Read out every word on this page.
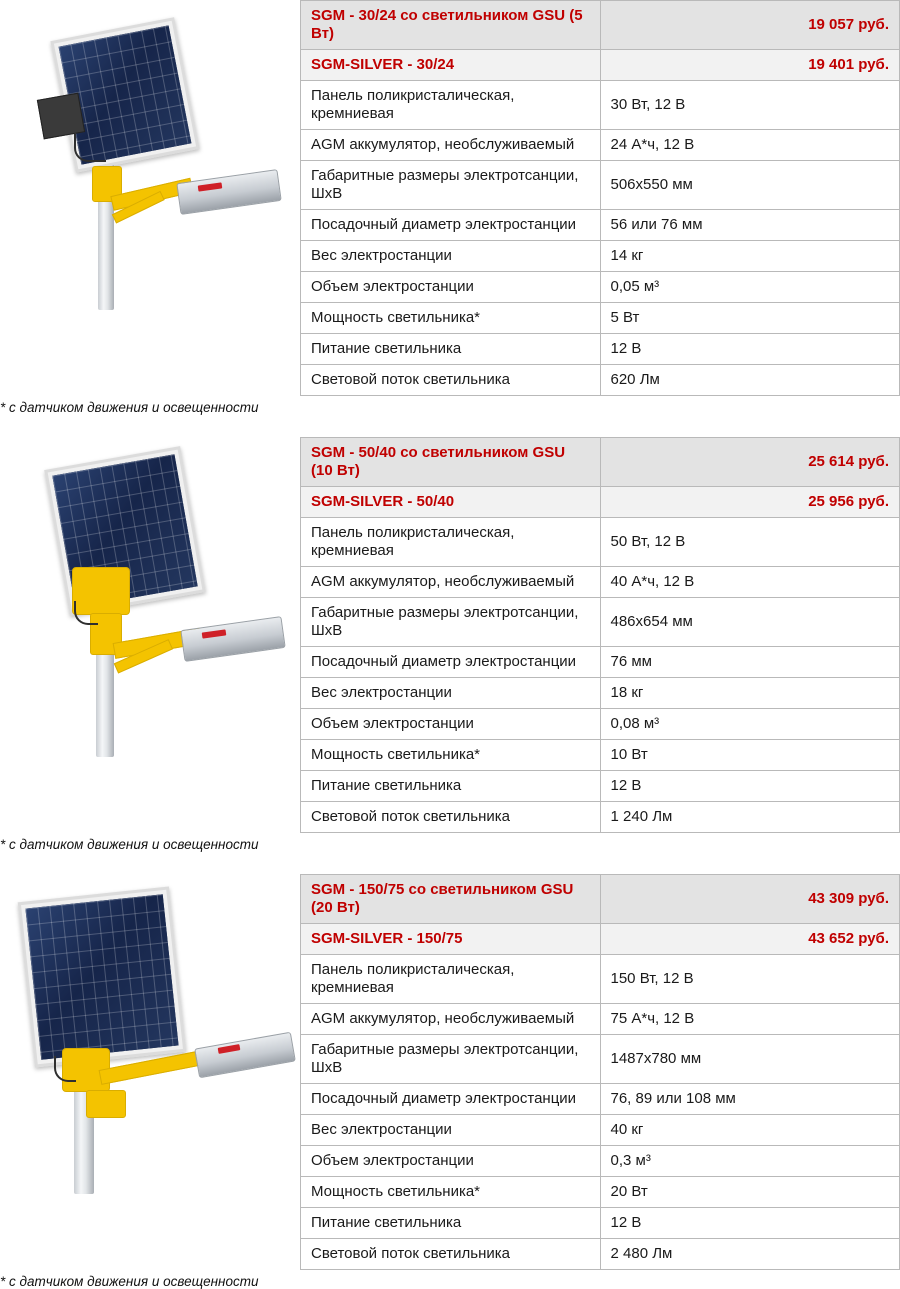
SGM - 30/24 со светильником GSU (5 Вт)	19 057 руб.
SGM-SILVER - 30/24	19 401 руб.
Панель поликристалическая, кремниевая	30 Вт, 12 В
AGM аккумулятор, необслуживаемый	24 А*ч, 12 В
Габаритные размеры электротсанции, ШхВ	506х550 мм
Посадочный диаметр электростанции	56 или 76 мм
Вес электростанции	14 кг
Объем электростанции	0,05 м³
Мощность светильника*	5 Вт
Питание светильника	12 В
Световой поток светильника	620 Лм
* с датчиком движения и освещенности
SGM - 50/40 со светильником GSU (10 Вт)	25 614 руб.
SGM-SILVER - 50/40	25 956 руб.
Панель поликристалическая, кремниевая	50 Вт, 12 В
AGM аккумулятор, необслуживаемый	40 А*ч, 12 В
Габаритные размеры электротсанции, ШхВ	486х654 мм
Посадочный диаметр электростанции	76 мм
Вес электростанции	18 кг
Объем электростанции	0,08 м³
Мощность светильника*	10 Вт
Питание светильника	12 В
Световой поток светильника	1 240 Лм
* с датчиком движения и освещенности
SGM - 150/75 со светильником GSU (20 Вт)	43 309 руб.
SGM-SILVER - 150/75	43 652 руб.
Панель поликристалическая, кремниевая	150 Вт, 12 В
AGM аккумулятор, необслуживаемый	75 А*ч, 12 В
Габаритные размеры электротсанции, ШхВ	1487х780 мм
Посадочный диаметр электростанции	76, 89 или 108 мм
Вес электростанции	40 кг
Объем электростанции	0,3 м³
Мощность светильника*	20 Вт
Питание светильника	12 В
Световой поток светильника	2 480 Лм
* с датчиком движения и освещенности
